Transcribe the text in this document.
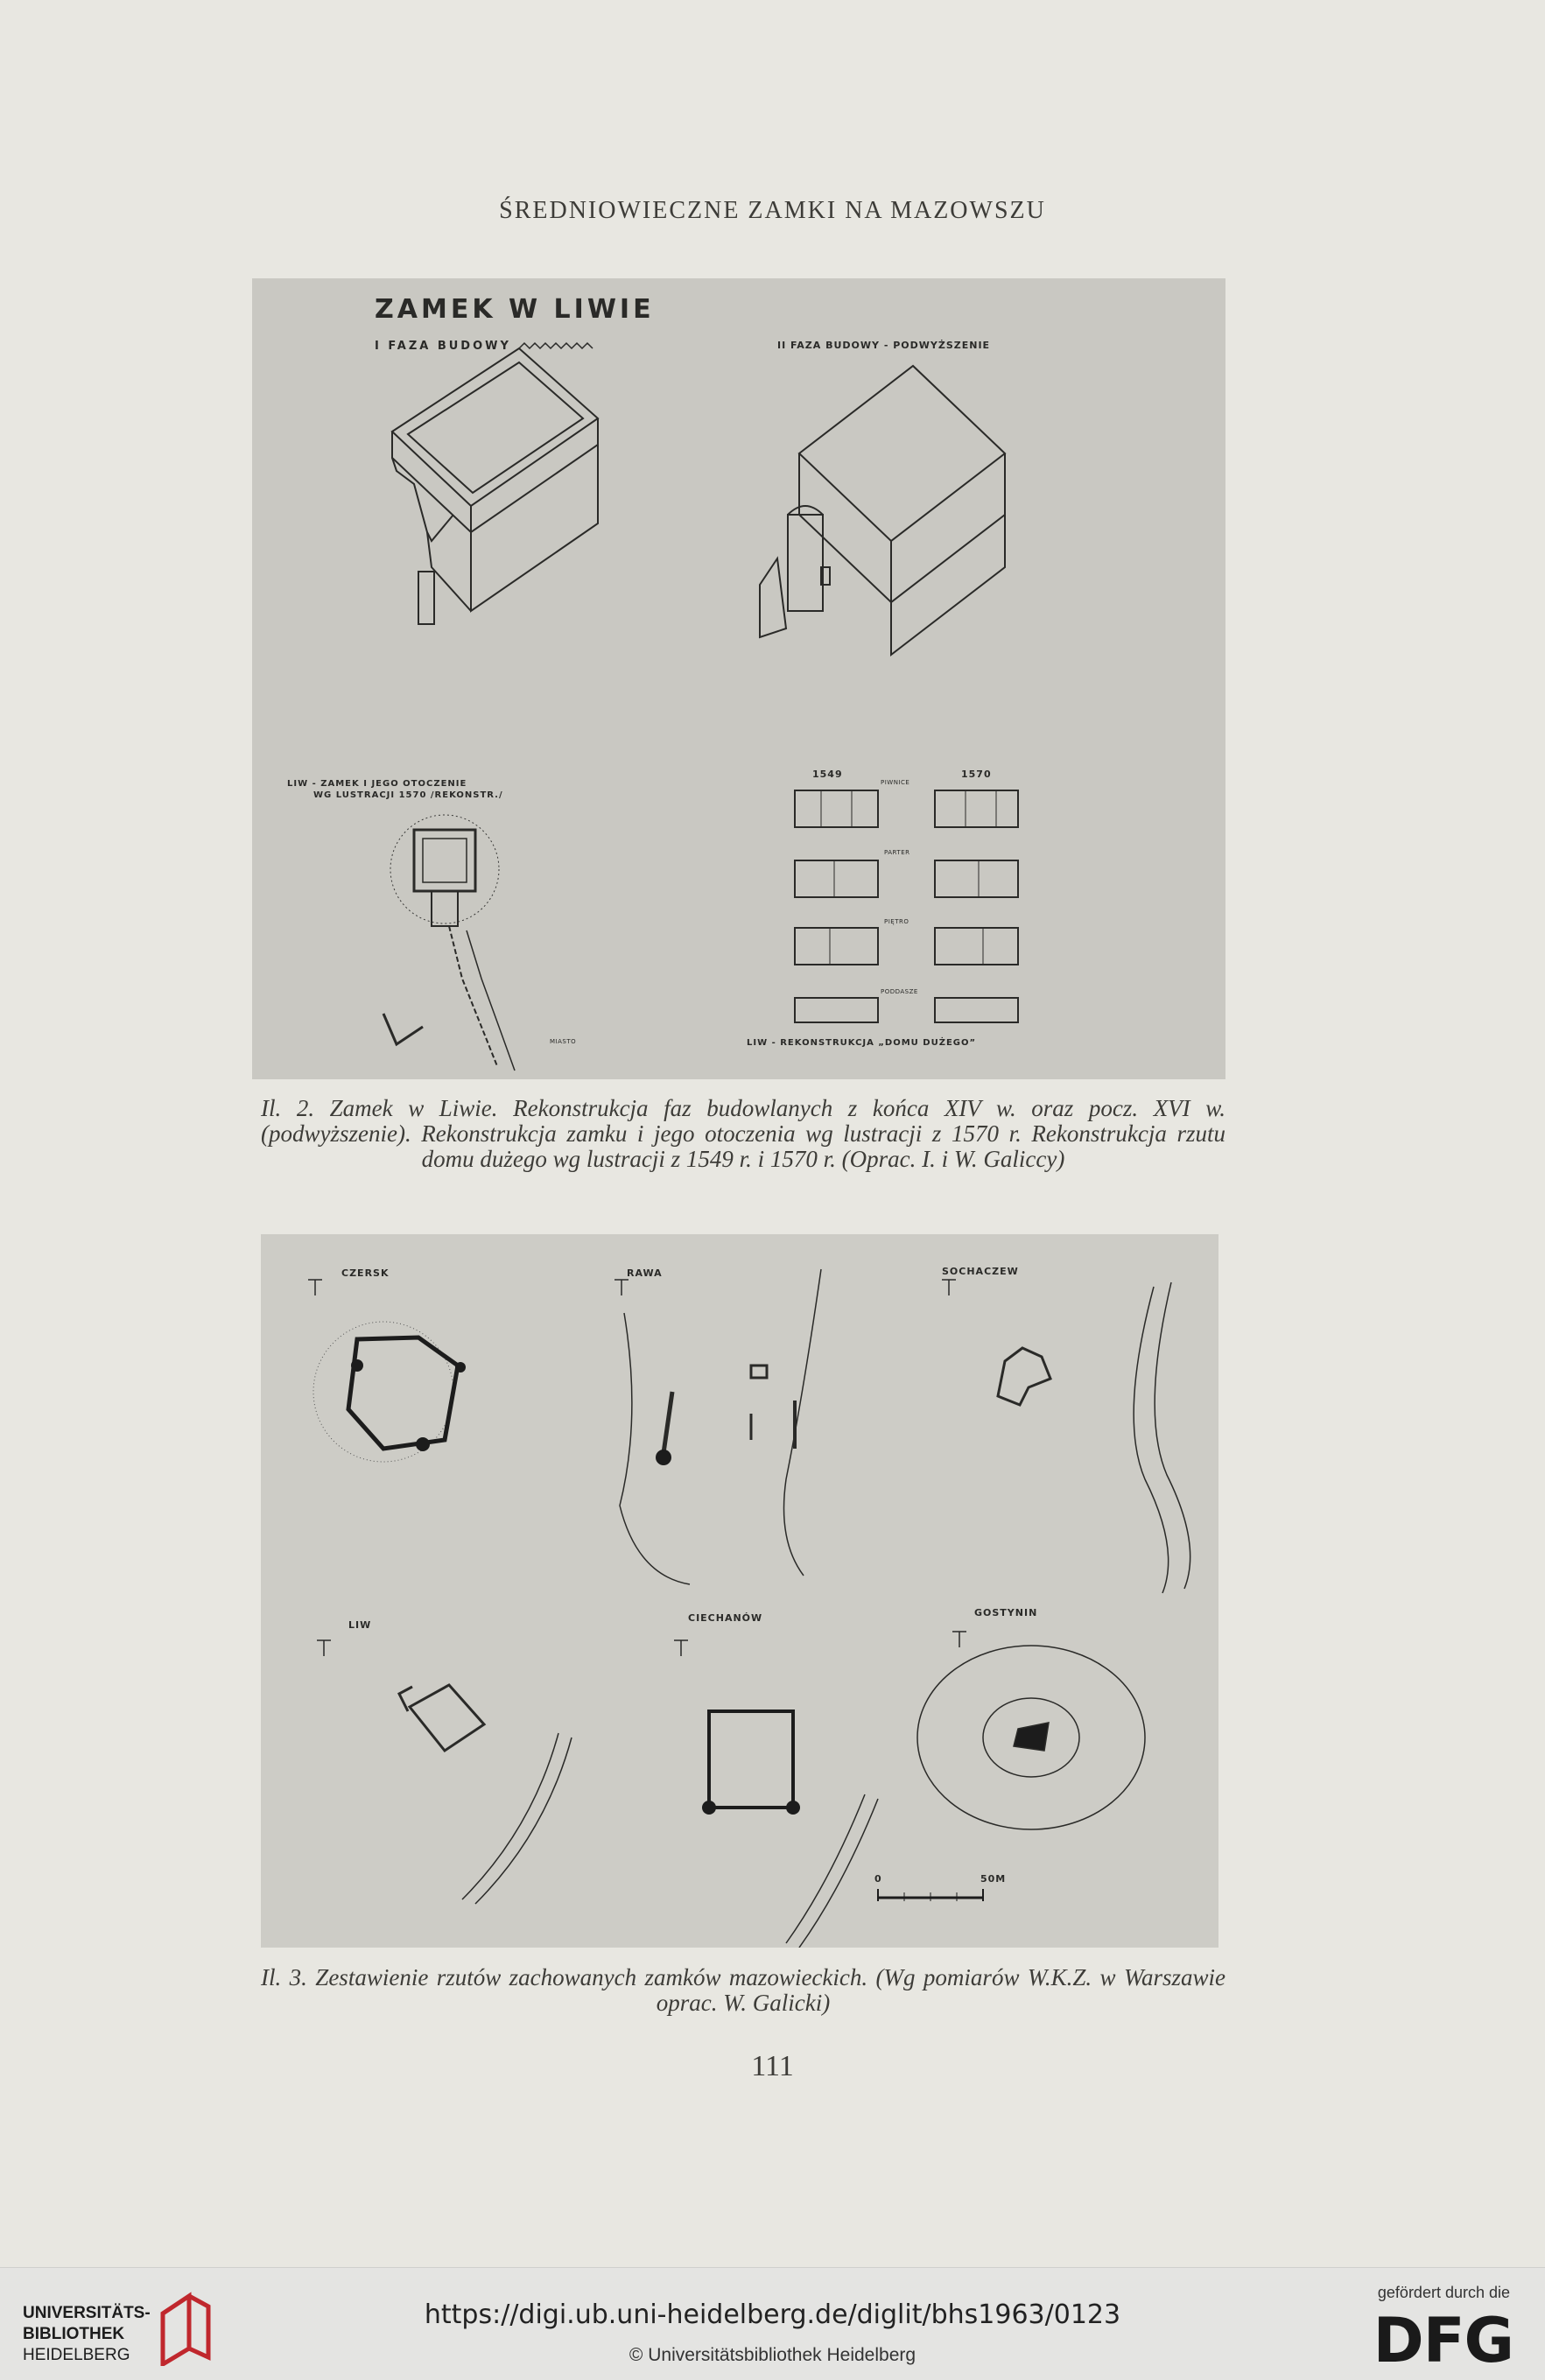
ŚREDNIOWIECZNE ZAMKI NA MAZOWSZU
ZAMEK W LIWIE
I FAZA BUDOWY	II FAZA BUDOWY - PODWYŻSZENIE
LIW - ZAMEK I JEGO OTOCZENIE
WG LUSTRACJI 1570 /REKONSTR./
MIASTO
1549	1570
PIWNICE
PARTER
PIĘTRO
PODDASZE
LIW - REKONSTRUKCJA „DOMU DUŻEGO”
Il. 2. Zamek w Liwie. Rekonstrukcja faz budowlanych z końca XIV w. oraz pocz. XVI w. (podwyższenie). Rekonstrukcja zamku i jego otoczenia wg lustracji z 1570 r. Rekonstrukcja rzutu domu dużego wg lustracji z 1549 r. i 1570 r. (Oprac. I. i W. Galiccy)
CZERSK	RAWA	SOCHACZEW
LIW
CIECHANÓW	GOSTYNIN
0	50M
Il. 3. Zestawienie rzutów zachowanych zamków mazowieckich. (Wg pomiarów W.K.Z. w Warszawie oprac. W. Galicki)
111
UNIVERSITÄTS-
BIBLIOTHEK
HEIDELBERG
https://digi.ub.uni-heidelberg.de/diglit/bhs1963/0123
© Universitätsbibliothek Heidelberg
gefördert durch die
DFG
